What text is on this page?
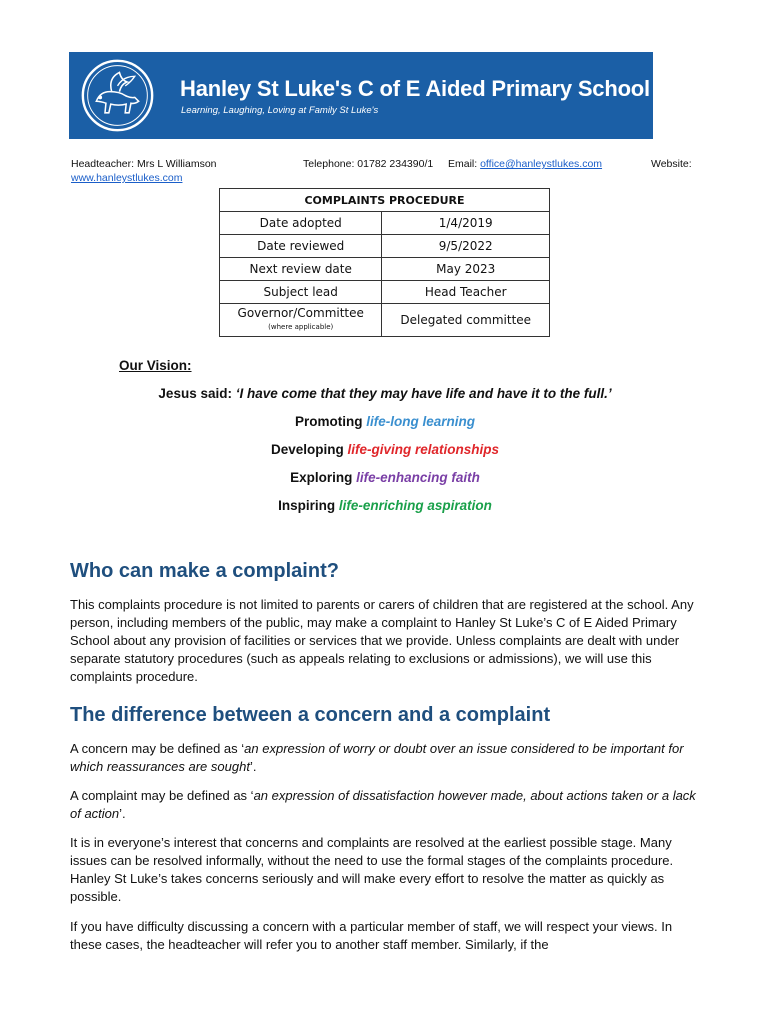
Hanley St Luke's C of E Aided Primary School
Learning, Laughing, Loving at Family St Luke's
Headteacher: Mrs L Williamson	Telephone: 01782 234390/1 Email: office@hanleystlukes.com	Website:
www.hanleystlukes.com
COMPLAINTS PROCEDURE	
Date adopted	1/4/2019
Date reviewed	9/5/2022
Next review date	May 2023
Subject lead	Head Teacher

Governor/Committee
(where applicable)	Delegated committee
Our Vision:
Jesus said: ‘I have come that they may have life and have it to the full.’
Promoting life-long learning
Developing life-giving relationships
Exploring life-enhancing faith
Inspiring life-enriching aspiration
Who can make a complaint?

This complaints procedure is not limited to parents or carers of children that are registered at the school. Any person, including members of the public, may make a complaint to Hanley St Luke’s C of E Aided Primary School about any provision of facilities or services that we provide. Unless complaints are dealt with under separate statutory procedures (such as appeals relating to exclusions or admissions), we will use this complaints procedure.

The difference between a concern and a complaint

A concern may be defined as ‘an expression of worry or doubt over an issue considered to be important for which reassurances are sought’.

A complaint may be defined as ‘an expression of dissatisfaction however made, about actions taken or a lack of action’.

It is in everyone’s interest that concerns and complaints are resolved at the earliest possible stage. Many issues can be resolved informally, without the need to use the formal stages of the complaints procedure. Hanley St Luke’s takes concerns seriously and will make every effort to resolve the matter as quickly as possible.

If you have difficulty discussing a concern with a particular member of staff, we will respect your views. In these cases, the headteacher will refer you to another staff member. Similarly, if the
